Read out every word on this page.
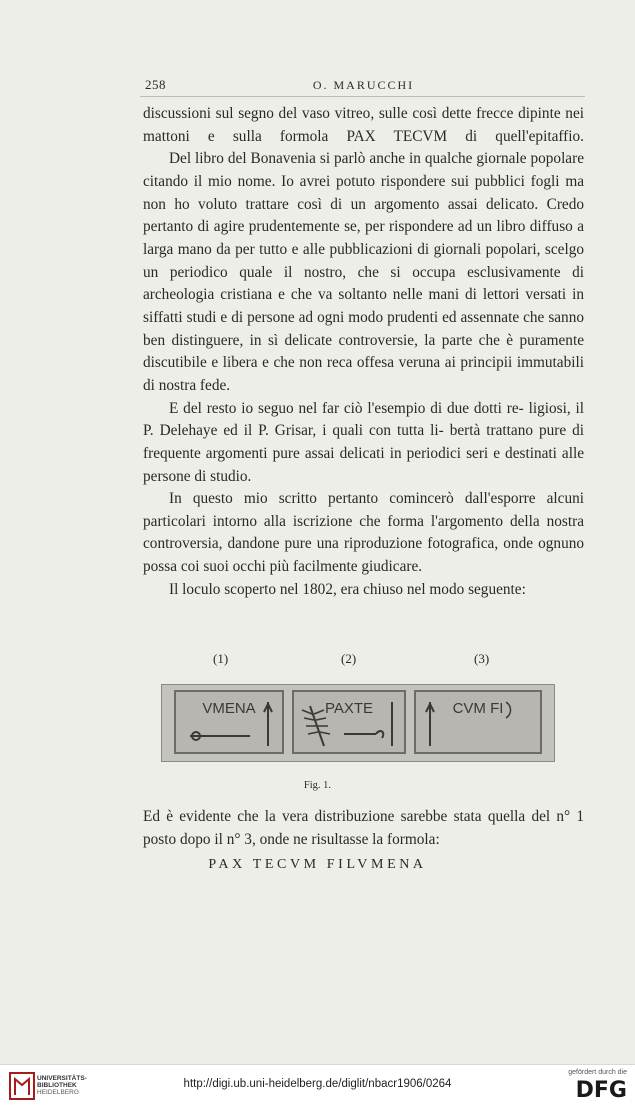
258	O. MARUCCHI

discussioni sul segno del vaso vitreo, sulle così dette frecce dipinte nei mattoni e sulla formola PAX TECVM di quell'epitaffio.

Del libro del Bonavenia si parlò anche in qualche giornale popolare citando il mio nome. Io avrei potuto rispondere sui pubblici fogli ma non ho voluto trattare così di un argomento assai delicato. Credo pertanto di agire prudentemente se, per rispondere ad un libro diffuso a larga mano da per tutto e alle pubblicazioni di giornali popolari, scelgo un periodico quale il nostro, che si occupa esclusivamente di archeologia cristiana e che va soltanto nelle mani di lettori versati in siffatti studi e di persone ad ogni modo prudenti ed assennate che sanno ben distinguere, in sì delicate controversie, la parte che è puramente discutibile e libera e che non reca offesa veruna ai principii immutabili di nostra fede.

E del resto io seguo nel far ciò l'esempio di due dotti re- ligiosi, il P. Delehaye ed il P. Grisar, i quali con tutta li- bertà trattano pure di frequente argomenti pure assai delicati in periodici seri e destinati alle persone di studio.

In questo mio scritto pertanto comincerò dall'esporre alcuni particolari intorno alla iscrizione che forma l'argomento della nostra controversia, dandone pure una riproduzione fotografica, onde ognuno possa coi suoi occhi più facilmente giudicare.

Il loculo scoperto nel 1802, era chiuso nel modo seguente:

(1)	(2)	(3)
VMENA	PAXTE	CVM FI
Fig. 1.

Ed è evidente che la vera distribuzione sarebbe stata quella del n° 1 posto dopo il n° 3, onde ne risultasse la formola:

PAX TECVM FILVMENA
UNIVERSITÄTS-
BIBLIOTHEK
HEIDELBERG
http://digi.ub.uni-heidelberg.de/diglit/nbacr1906/0264
gefördert durch die
DFG
